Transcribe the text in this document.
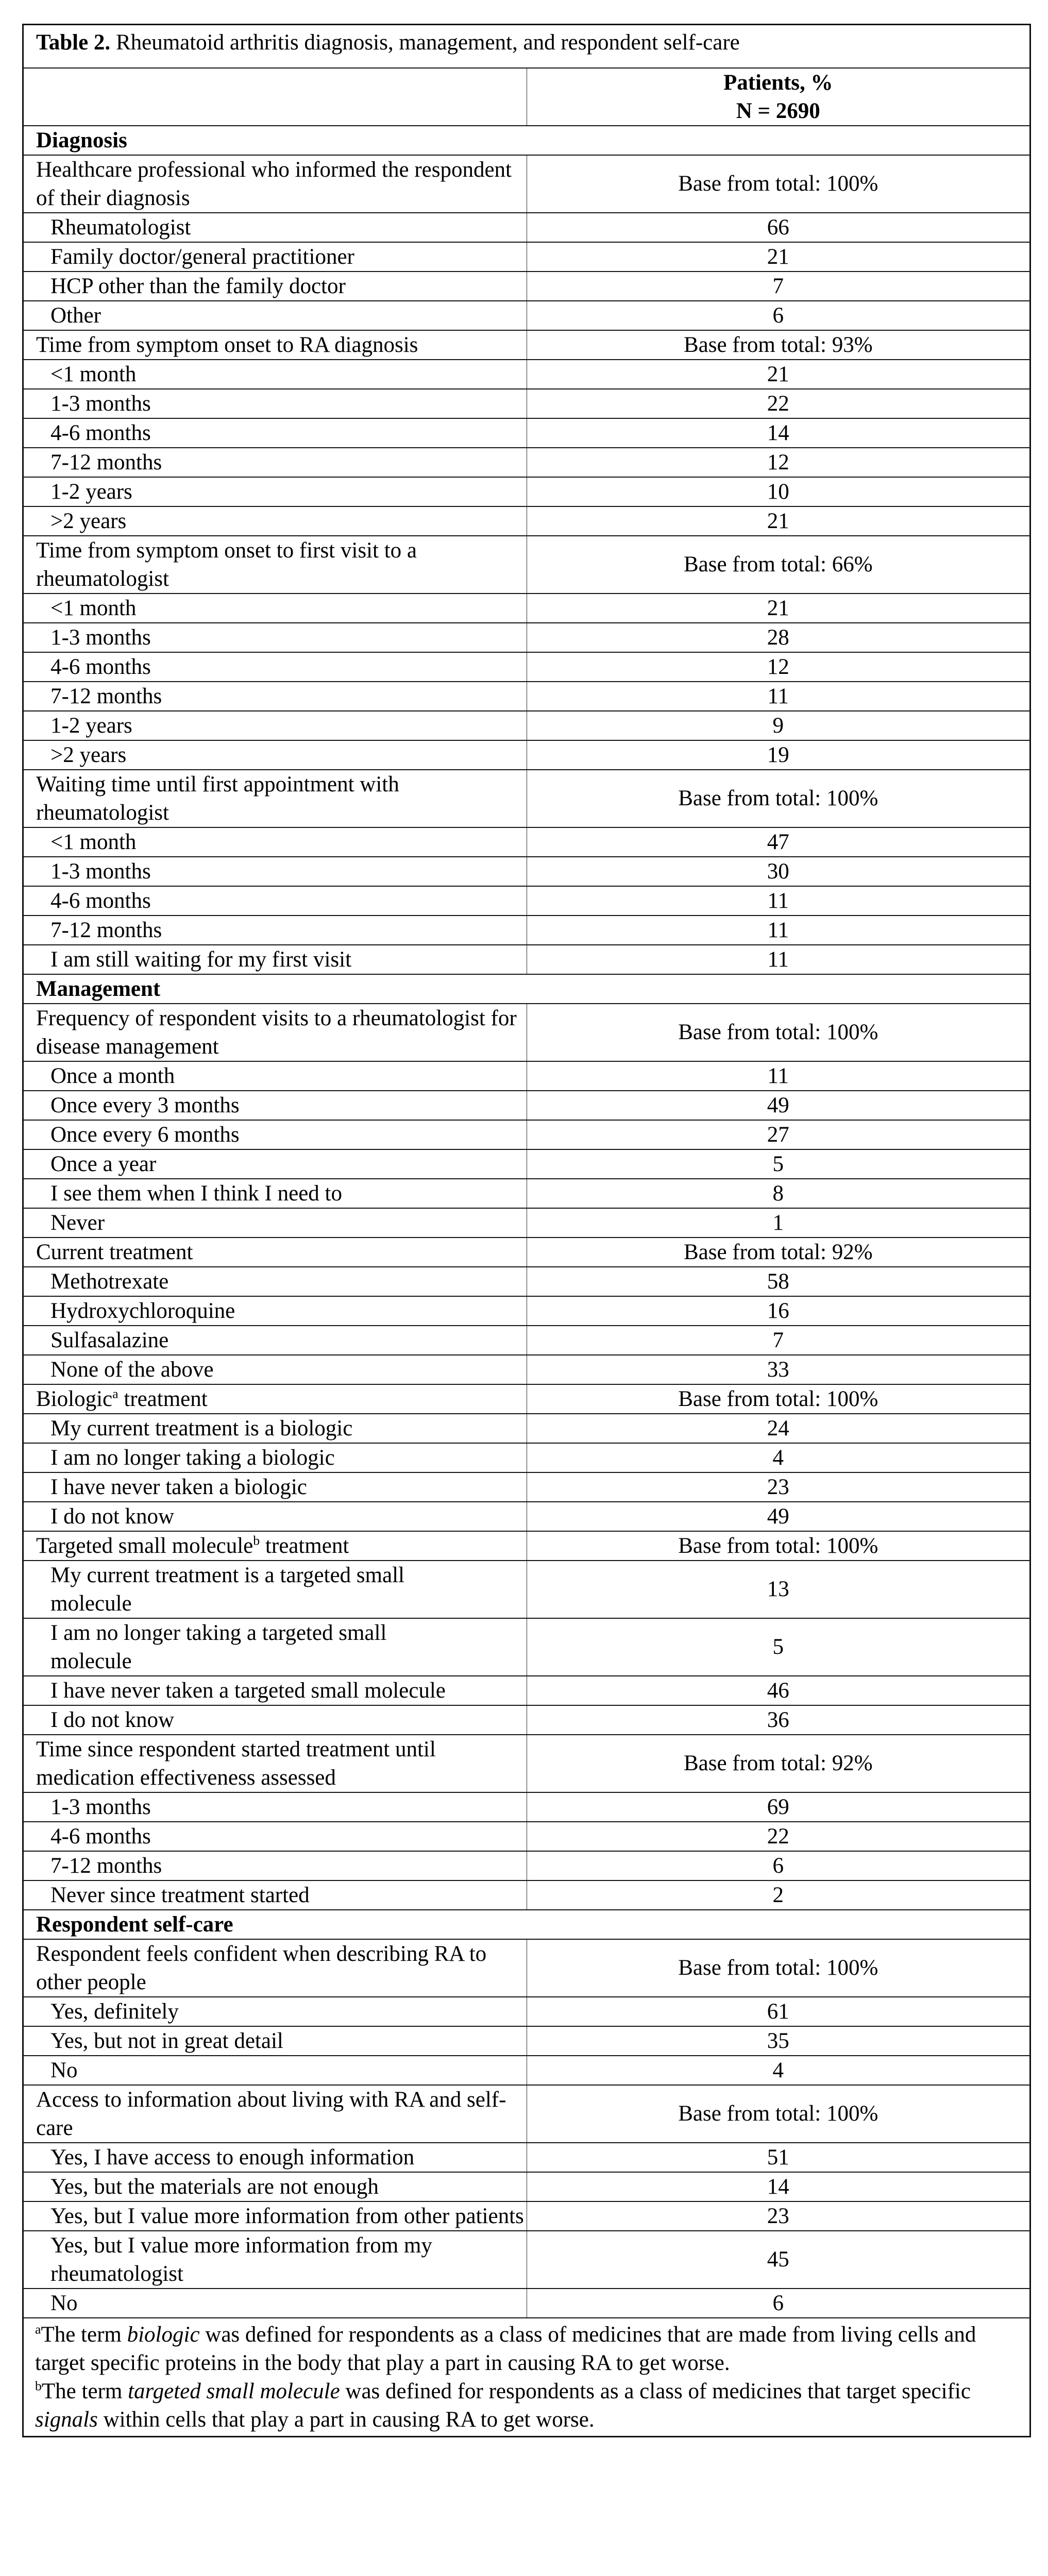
Table 2. Rheumatoid arthritis diagnosis, management, and respondent self-care	

	Patients, %
N = 2690

Diagnosis	
Healthcare professional who informed the respondent of their diagnosis	Base from total: 100%
Rheumatologist	66
Family doctor/general practitioner	21
HCP other than the family doctor	7
Other	6
Time from symptom onset to RA diagnosis	Base from total: 93%
<1 month	21
1-3 months	22
4-6 months	14
7-12 months	12
1-2 years	10
>2 years	21
Time from symptom onset to first visit to a rheumatologist	Base from total: 66%
<1 month	21
1-3 months	28
4-6 months	12
7-12 months	11
1-2 years	9
>2 years	19
Waiting time until first appointment with rheumatologist	Base from total: 100%
<1 month	47
1-3 months	30
4-6 months	11
7-12 months	11
I am still waiting for my first visit	11
Management	
Frequency of respondent visits to a rheumatologist for disease management	Base from total: 100%
Once a month	11
Once every 3 months	49
Once every 6 months	27
Once a year	5
I see them when I think I need to	8
Never	1
Current treatment	Base from total: 92%
Methotrexate	58
Hydroxychloroquine	16
Sulfasalazine	7
None of the above	33
Biologic$^a$ treatment	Base from total: 100%
My current treatment is a biologic	24
I am no longer taking a biologic	4
I have never taken a biologic	23
I do not know	49
Targeted small molecule$^b$ treatment	Base from total: 100%
My current treatment is a targeted small molecule	13
I am no longer taking a targeted small molecule	5
I have never taken a targeted small molecule	46
I do not know	36
Time since respondent started treatment until medication effectiveness assessed	Base from total: 92%
1-3 months	69
4-6 months	22
7-12 months	6
Never since treatment started	2
Respondent self-care	
Respondent feels confident when describing RA to other people	Base from total: 100%
Yes, definitely	61
Yes, but not in great detail	35
No	4
Access to information about living with RA and self-care	Base from total: 100%
Yes, I have access to enough information	51
Yes, but the materials are not enough	14
Yes, but I value more information from other patients	23
Yes, but I value more information from my rheumatologist	45
No	6

$^a$The term biologic was defined for respondents as a class of medicines that are made from living cells and target specific proteins in the body that play a part in causing RA to get worse.
$^b$The term targeted small molecule was defined for respondents as a class of medicines that target specific signals within cells that play a part in causing RA to get worse.	
